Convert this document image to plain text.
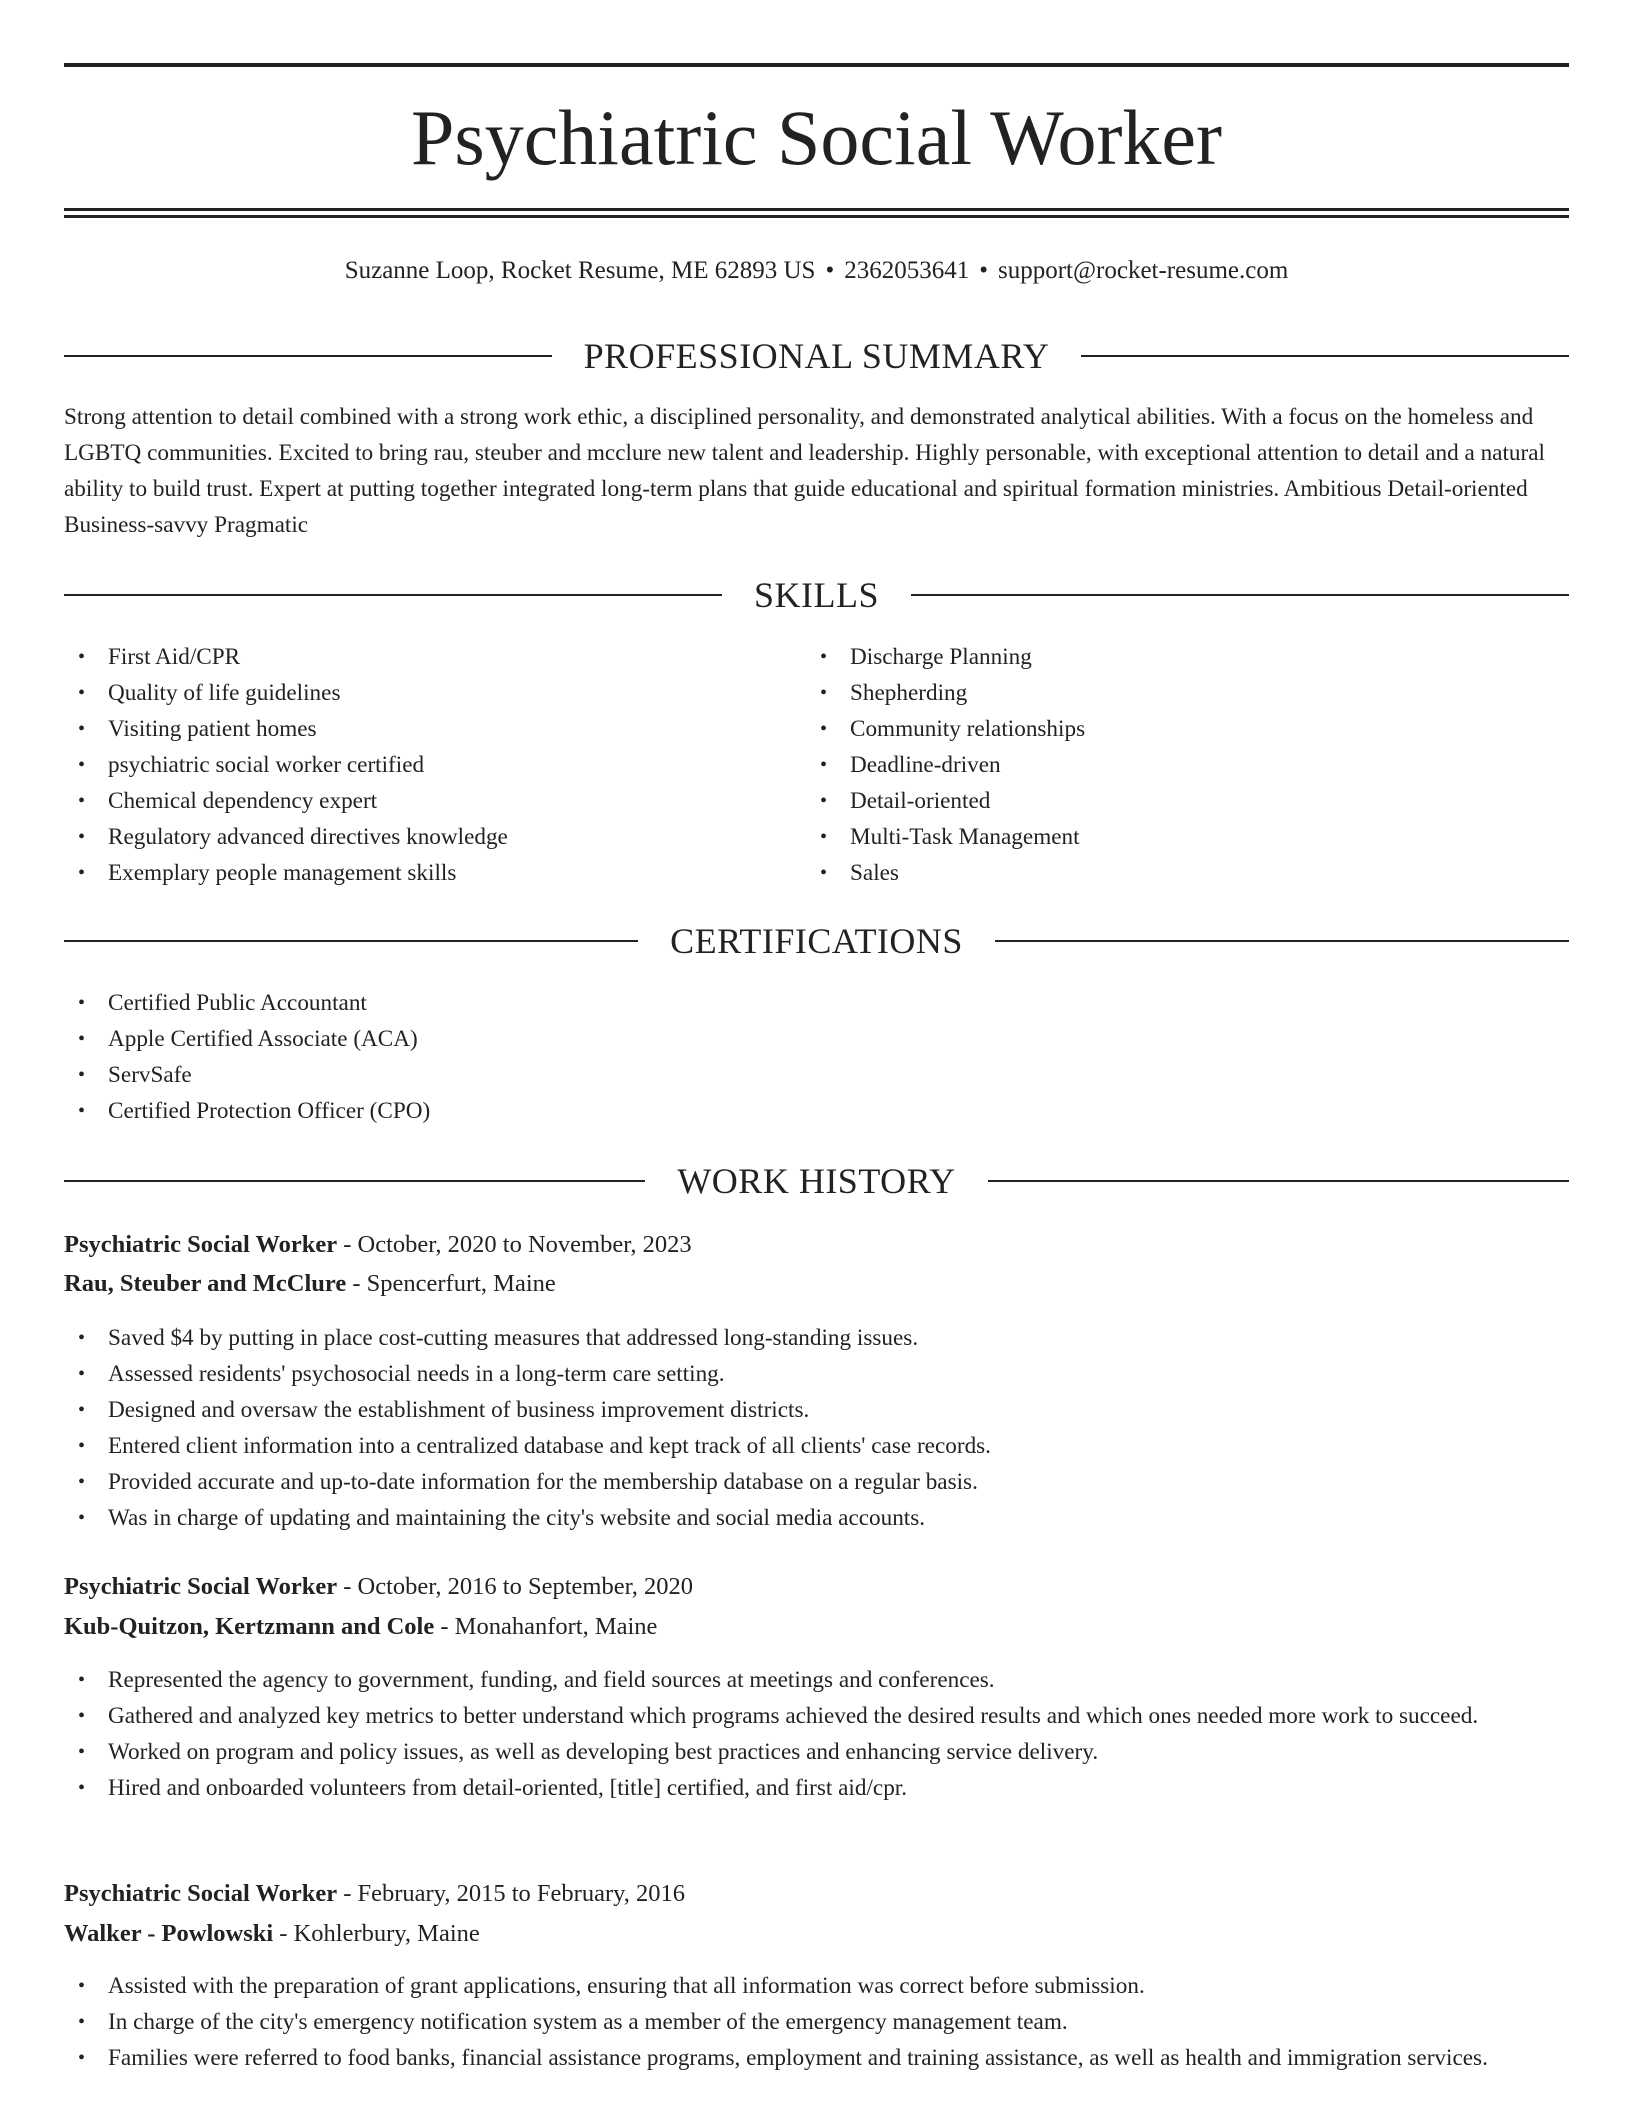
Psychiatric Social Worker
Suzanne Loop, Rocket Resume, ME 62893 US • 2362053641 • support@rocket-resume.com
PROFESSIONAL SUMMARY
Strong attention to detail combined with a strong work ethic, a disciplined personality, and demonstrated analytical abilities. With a focus on the homeless and LGBTQ communities. Excited to bring rau, steuber and mcclure new talent and leadership. Highly personable, with exceptional attention to detail and a natural ability to build trust. Expert at putting together integrated long-term plans that guide educational and spiritual formation ministries. Ambitious Detail-oriented Business-savvy Pragmatic
SKILLS
• First Aid/CPR
• Quality of life guidelines
• Visiting patient homes
• psychiatric social worker certified
• Chemical dependency expert
• Regulatory advanced directives knowledge
• Exemplary people management skills
• Discharge Planning
• Shepherding
• Community relationships
• Deadline-driven
• Detail-oriented
• Multi-Task Management
• Sales
CERTIFICATIONS
• Certified Public Accountant
• Apple Certified Associate (ACA)
• ServSafe
• Certified Protection Officer (CPO)
WORK HISTORY
Psychiatric Social Worker - October, 2020 to November, 2023
Rau, Steuber and McClure - Spencerfurt, Maine
• Saved $4 by putting in place cost-cutting measures that addressed long-standing issues.
• Assessed residents' psychosocial needs in a long-term care setting.
• Designed and oversaw the establishment of business improvement districts.
• Entered client information into a centralized database and kept track of all clients' case records.
• Provided accurate and up-to-date information for the membership database on a regular basis.
• Was in charge of updating and maintaining the city's website and social media accounts.
Psychiatric Social Worker - October, 2016 to September, 2020
Kub-Quitzon, Kertzmann and Cole - Monahanfort, Maine
• Represented the agency to government, funding, and field sources at meetings and conferences.
• Gathered and analyzed key metrics to better understand which programs achieved the desired results and which ones needed more work to succeed.
• Worked on program and policy issues, as well as developing best practices and enhancing service delivery.
• Hired and onboarded volunteers from detail-oriented, [title] certified, and first aid/cpr.
Psychiatric Social Worker - February, 2015 to February, 2016
Walker - Powlowski - Kohlerbury, Maine
• Assisted with the preparation of grant applications, ensuring that all information was correct before submission.
• In charge of the city's emergency notification system as a member of the emergency management team.
• Families were referred to food banks, financial assistance programs, employment and training assistance, as well as health and immigration services.
